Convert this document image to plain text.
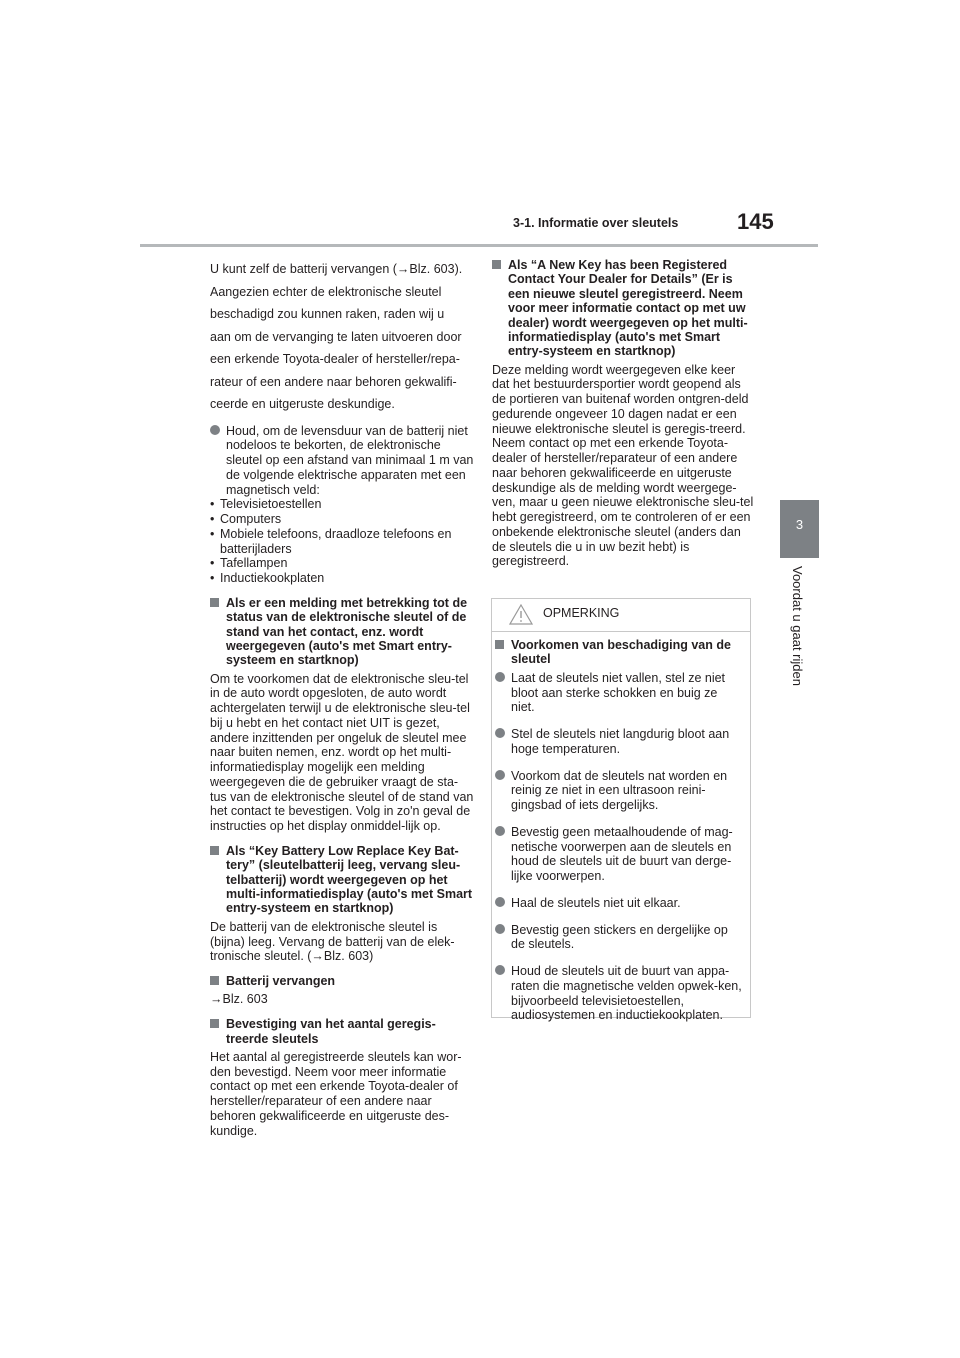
3-1. Informatie over sleutels	145
3
Voordat u gaat rijden

U kunt zelf de batterij vervangen (→Blz. 603).

Aangezien echter de elektronische sleutel

beschadigd zou kunnen raken, raden wij u

aan om de vervanging te laten uitvoeren door

een erkende Toyota-dealer of hersteller/repa-

rateur of een andere naar behoren gekwalifi-

ceerde en uitgeruste deskundige.

Houd, om de levensduur van de batterij niet nodeloos te bekorten, de elektronische sleutel op een afstand van minimaal 1 m van de volgende elektrische apparaten met een magnetisch veld:
• Televisietoestellen
• Computers
• Mobiele telefoons, draadloze telefoons en batterijladers
• Tafellampen
• Inductiekookplaten
Als er een melding met betrekking tot de status van de elektronische sleutel of de stand van het contact, enz. wordt weergegeven (auto's met Smart entry-systeem en startknop)

Om te voorkomen dat de elektronische sleu-tel in de auto wordt opgesloten, de auto wordt achtergelaten terwijl u de elektronische sleu-tel bij u hebt en het contact niet UIT is gezet, andere inzittenden per ongeluk de sleutel mee naar buiten nemen, enz. wordt op het multi-informatiedisplay mogelijk een melding weergegeven die de gebruiker vraagt de sta-tus van de elektronische sleutel of de stand van het contact te bevestigen. Volg in zo'n geval de instructies op het display onmiddel-lijk op.

Als “Key Battery Low Replace Key Bat-tery” (sleutelbatterij leeg, vervang sleu-telbatterij) wordt weergegeven op het multi-informatiedisplay (auto's met Smart entry-systeem en startknop)

De batterij van de elektronische sleutel is (bijna) leeg. Vervang de batterij van de elek-tronische sleutel. (→Blz. 603)

Batterij vervangen

→Blz. 603

Bevestiging van het aantal geregis-treerde sleutels

Het aantal al geregistreerde sleutels kan wor-den bevestigd. Neem voor meer informatie contact op met een erkende Toyota-dealer of hersteller/reparateur of een andere naar behoren gekwalificeerde en uitgeruste des-kundige.

Als “A New Key has been Registered Contact Your Dealer for Details” (Er is een nieuwe sleutel geregistreerd. Neem voor meer informatie contact op met uw dealer) wordt weergegeven op het multi-informatiedisplay (auto's met Smart entry-systeem en startknop)

Deze melding wordt weergegeven elke keer dat het bestuurdersportier wordt geopend als de portieren van buitenaf worden ontgren-deld gedurende ongeveer 10 dagen nadat er een nieuwe elektronische sleutel is geregis-treerd.

Neem contact op met een erkende Toyota-dealer of hersteller/reparateur of een andere naar behoren gekwalificeerde en uitgeruste deskundige als de melding wordt weergege-ven, maar u geen nieuwe elektronische sleu-tel hebt geregistreerd, om te controleren of er een onbekende elektronische sleutel (anders dan de sleutels die u in uw bezit hebt) is geregistreerd.

OPMERKING
Voorkomen van beschadiging van de sleutel
Laat de sleutels niet vallen, stel ze niet bloot aan sterke schokken en buig ze niet.
Stel de sleutels niet langdurig bloot aan hoge temperaturen.
Voorkom dat de sleutels nat worden en reinig ze niet in een ultrasoon reini-gingsbad of iets dergelijks.
Bevestig geen metaalhoudende of mag-netische voorwerpen aan de sleutels en houd de sleutels uit de buurt van derge-lijke voorwerpen.
Haal de sleutels niet uit elkaar.
Bevestig geen stickers en dergelijke op de sleutels.
Houd de sleutels uit de buurt van appa-raten die magnetische velden opwek-ken, bijvoorbeeld televisietoestellen, audiosystemen en inductiekookplaten.
